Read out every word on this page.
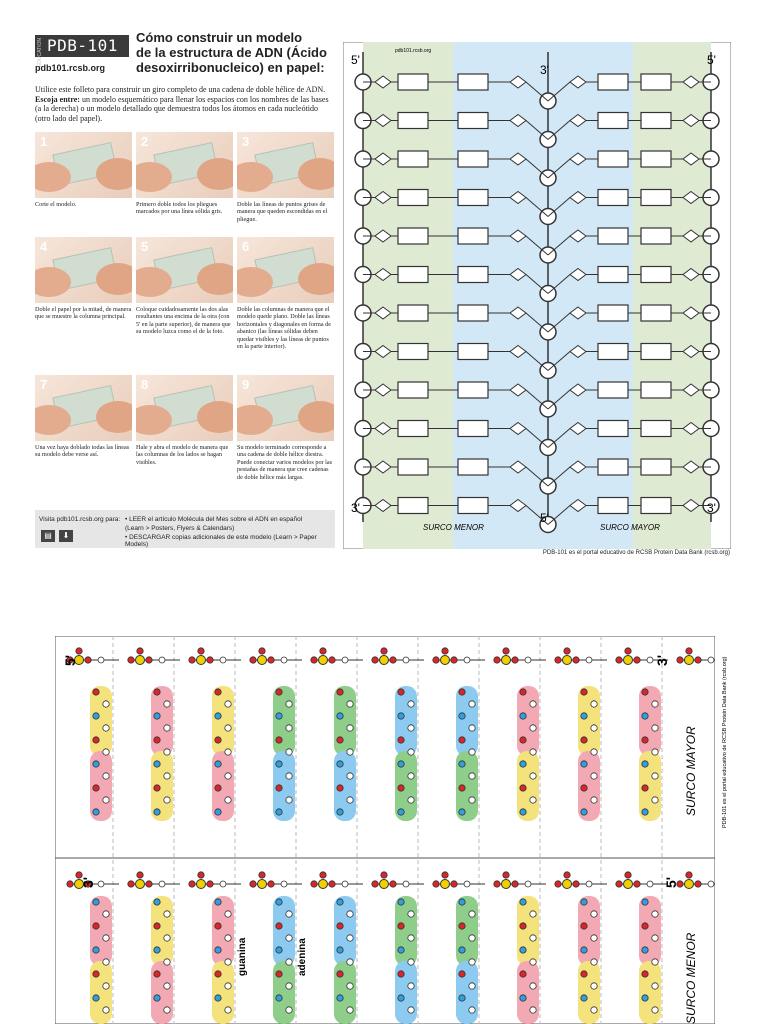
EDUCATION PDB-101
pdb101.rcsb.org
Cómo construir un modelo
de la estructura de ADN (Ácido
desoxirribonucleico) en papel:
Utilice este folleto para construir un giro completo de una cadena de doble hélice de ADN.
Escoja entre: un modelo esquemático para llenar los espacios con los nombres de las bases (a la derecha) o un modelo detallado que demuestra todos los átomos en cada nucleótido (otro lado del papel).
1
Corte el modelo.
2
Primero doble todos los pliegues marcados por una línea sólida gris.
3
Doble las líneas de puntos grises de manera que queden escondidas en el pliegue.
4
Doble el papel por la mitad, de manera que se muestre la columna principal.
5
Coloque cuidadosamente las dos alas resultantes una encima de la otra (con 5' en la parte superior), de manera que su modelo luzca como el de la foto.
6
Doble las columnas de manera que el modelo quede plano. Doble las líneas horizontales y diagonales en forma de abanico (las líneas sólidas deben quedar visibles y las líneas de puntos en la parte interior).
7
Una vez haya doblado todas las líneas su modelo debe verse así.
8
Hale y abra el modelo de manera que las columnas de los lados se hagan visibles.
9
Su modelo terminado corresponde a una cadena de doble hélice diestra. Puede conectar varios modelos por las pestañas de manera que cree cadenas de doble hélice más largas.
Visita pdb101.rcsb.org para: • LEER el artículo Molécula del Mes sobre el ADN en español
(Learn > Posters, Flyers & Calendars)
• DESCARGAR copias adicionales de este modelo (Learn > Paper Models)
▤	⬇
pdb101.rcsb.org
5'
3'
5'
3'
5'
3'
SURCO MENOR	SURCO MAYOR
PDB-101 es el portal educativo de RCSB Protein Data Bank (rcsb.org)
5'	3'
3'	5'
SURCO MAYOR
SURCO MENOR
guanina	adenina
PDB-101 es el portal educativo de RCSB Protein Data Bank (rcsb.org)
